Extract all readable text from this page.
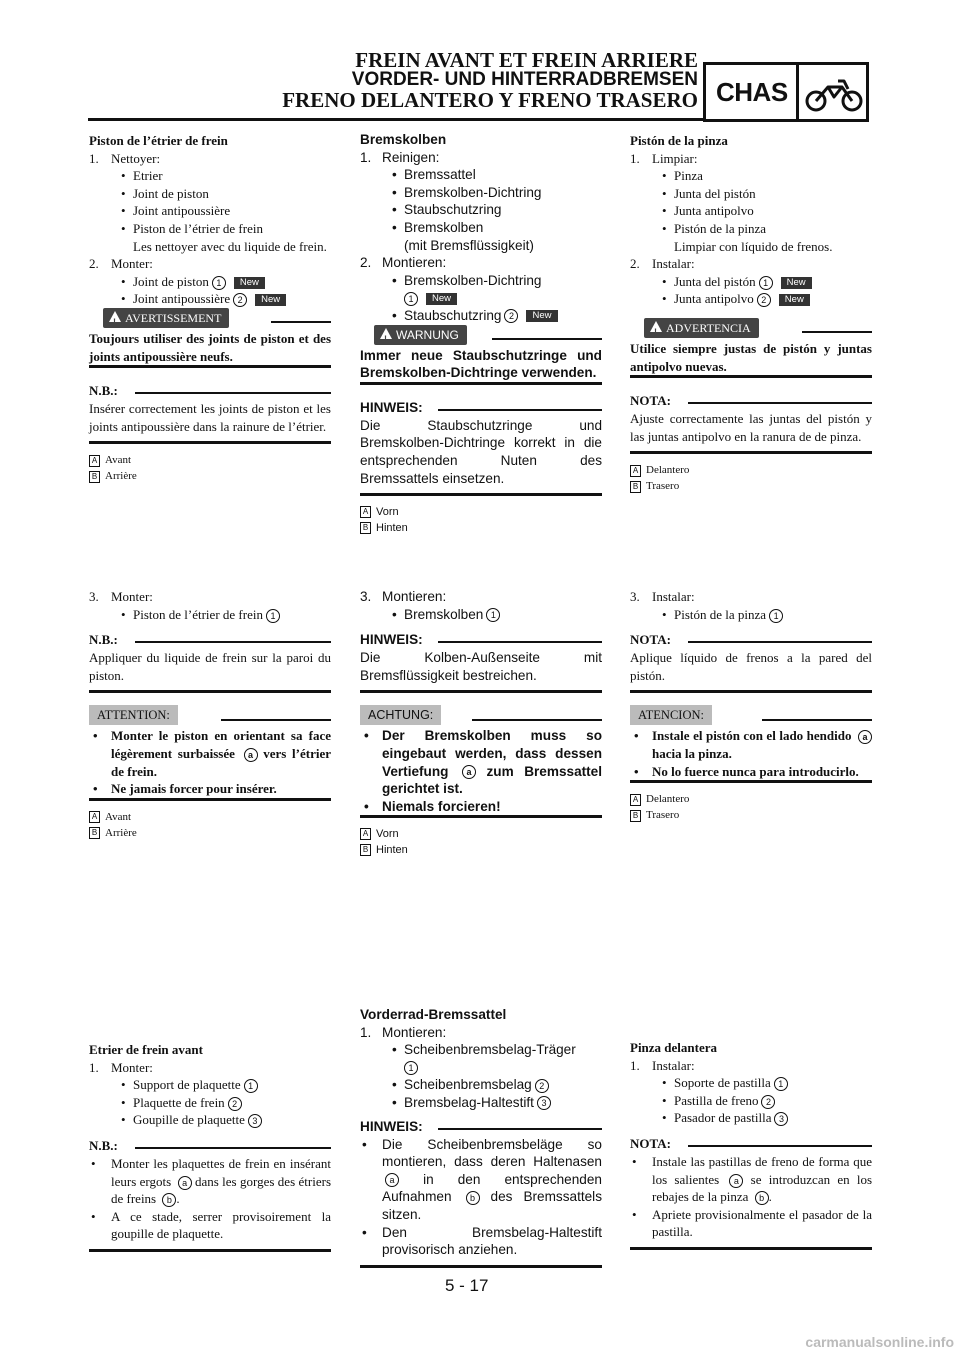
FREIN AVANT ET FREIN ARRIERE
VORDER- UND HINTERRADBREMSEN
FRENO DELANTERO Y FRENO TRASERO CHAS
Piston de l’étrier de frein
1. Nettoyer:
• Etrier
• Joint de piston
• Joint antipoussière
• Piston de l’étrier de frein
Les nettoyer avec du liquide de frein.
2. Monter:
• Joint de piston 1 New
• Joint antipoussière 2 New
!
AVERTISSEMENT
Toujours utiliser des joints de piston et des joints antipoussière neufs.
N.B.:
Insérer correctement les joints de piston et les joints antipoussière dans la rainure de l’étrier.
A Avant
B Arrière
3. Monter:
• Piston de l’étrier de frein 1
N.B.:
Appliquer du liquide de frein sur la paroi du piston.
ATTENTION:
• Monter le piston en orientant sa face légèrement surbaissée a vers l’étrier de frein.
• Ne jamais forcer pour insérer.
A Avant
B Arrière
Etrier de frein avant
1. Monter:
• Support de plaquette 1
• Plaquette de frein 2
• Goupille de plaquette 3
N.B.:
• Monter les plaquettes de frein en insérant leurs ergots a dans les gorges des étriers de freins b .
• A ce stade, serrer provisoirement la goupille de plaquette.
Bremskolben
1. Reinigen:
• Bremssattel
• Bremskolben-Dichtring
• Staubschutzring
• Bremskolben
(mit Bremsflüssigkeit)
2. Montieren:
• Bremskolben-Dichtring
1 New
• Staubschutzring 2 New
!
WARNUNG
Immer neue Staubschutzringe und Bremskolben-Dichtringe verwenden.
HINWEIS:
Die Staubschutzringe und Bremskolben-Dichtringe korrekt in die entsprechenden Nuten des Bremssattels einsetzen.
A Vorn
B Hinten
3. Montieren:
• Bremskolben 1
HINWEIS:
Die Kolben-Außenseite mit Bremsflüssigkeit bestreichen.
ACHTUNG:
• Der Bremskolben muss so eingebaut werden, dass dessen Vertiefung a zum Bremssattel gerichtet ist.
• Niemals forcieren!
A Vorn
B Hinten
Vorderrad-Bremssattel
1. Montieren:
• Scheibenbremsbelag-Träger
1
• Scheibenbremsbelag 2
• Bremsbelag-Haltestift 3
HINWEIS:
• Die Scheibenbremsbeläge so montieren, dass deren Haltenasen a in den entsprechenden Aufnahmen b des Bremssattels sitzen.
• Den Bremsbelag-Haltestift provisorisch anziehen.
Pistón de la pinza
1. Limpiar:
• Pinza
• Junta del pistón
• Junta antipolvo
• Pistón de la pinza
Limpiar con líquido de frenos.
2. Instalar:
• Junta del pistón 1 New
• Junta antipolvo 2 New
!
ADVERTENCIA
Utilice siempre justas de pistón y juntas antipolvo nuevas.
NOTA:
Ajuste correctamente las juntas del pistón y las juntas antipolvo en la ranura de de pinza.
A Delantero
B Trasero
3. Instalar:
• Pistón de la pinza 1
NOTA:
Aplique líquido de frenos a la pared del pistón.
ATENCION:
• Instale el pistón con el lado hendido a hacia la pinza.
• No lo fuerce nunca para introducirlo.
A Delantero
B Trasero
Pinza delantera
1. Instalar:
• Soporte de pastilla 1
• Pastilla de freno 2
• Pasador de pastilla 3
NOTA:
• Instale las pastillas de freno de forma que los salientes a se introduzcan en los rebajes de la pinza b .
• Apriete provisionalmente el pasador de la pastilla.
5 - 17
carmanualsonline.info
